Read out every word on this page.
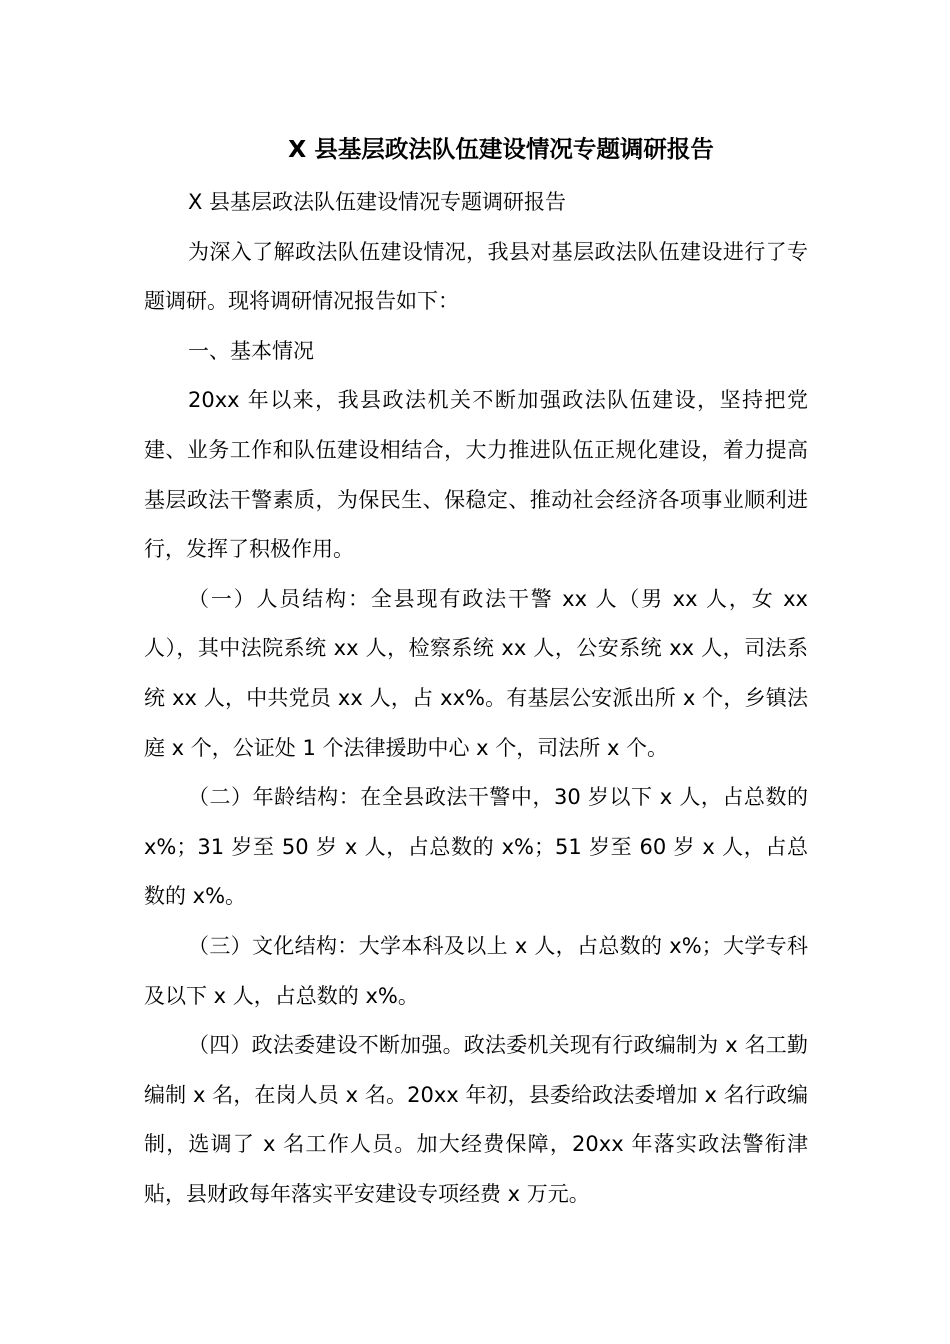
X 县基层政法队伍建设情况专题调研报告

X 县基层政法队伍建设情况专题调研报告

为深入了解政法队伍建设情况，我县对基层政法队伍建设进行了专题调研。现将调研情况报告如下：

一、基本情况

20xx 年以来，我县政法机关不断加强政法队伍建设，坚持把党建、业务工作和队伍建设相结合，大力推进队伍正规化建设，着力提高基层政法干警素质，为保民生、保稳定、推动社会经济各项事业顺利进行，发挥了积极作用。

（一）人员结构：全县现有政法干警 xx 人（男 xx 人，女 xx 人），其中法院系统 xx 人，检察系统 xx 人，公安系统 xx 人，司法系统 xx 人，中共党员 xx 人，占 xx%。有基层公安派出所 x 个，乡镇法庭 x 个，公证处 1 个法律援助中心 x 个，司法所 x 个。

（二）年龄结构：在全县政法干警中，30 岁以下 x 人，占总数的 x%；31 岁至 50 岁 x 人，占总数的 x%；51 岁至 60 岁 x 人，占总数的 x%。

（三）文化结构：大学本科及以上 x 人，占总数的 x%；大学专科及以下 x 人，占总数的 x%。

（四）政法委建设不断加强。政法委机关现有行政编制为 x 名工勤编制 x 名，在岗人员 x 名。20xx 年初，县委给政法委增加 x 名行政编制，选调了 x 名工作人员。加大经费保障，20xx 年落实政法警衔津贴，县财政每年落实平安建设专项经费 x 万元。
